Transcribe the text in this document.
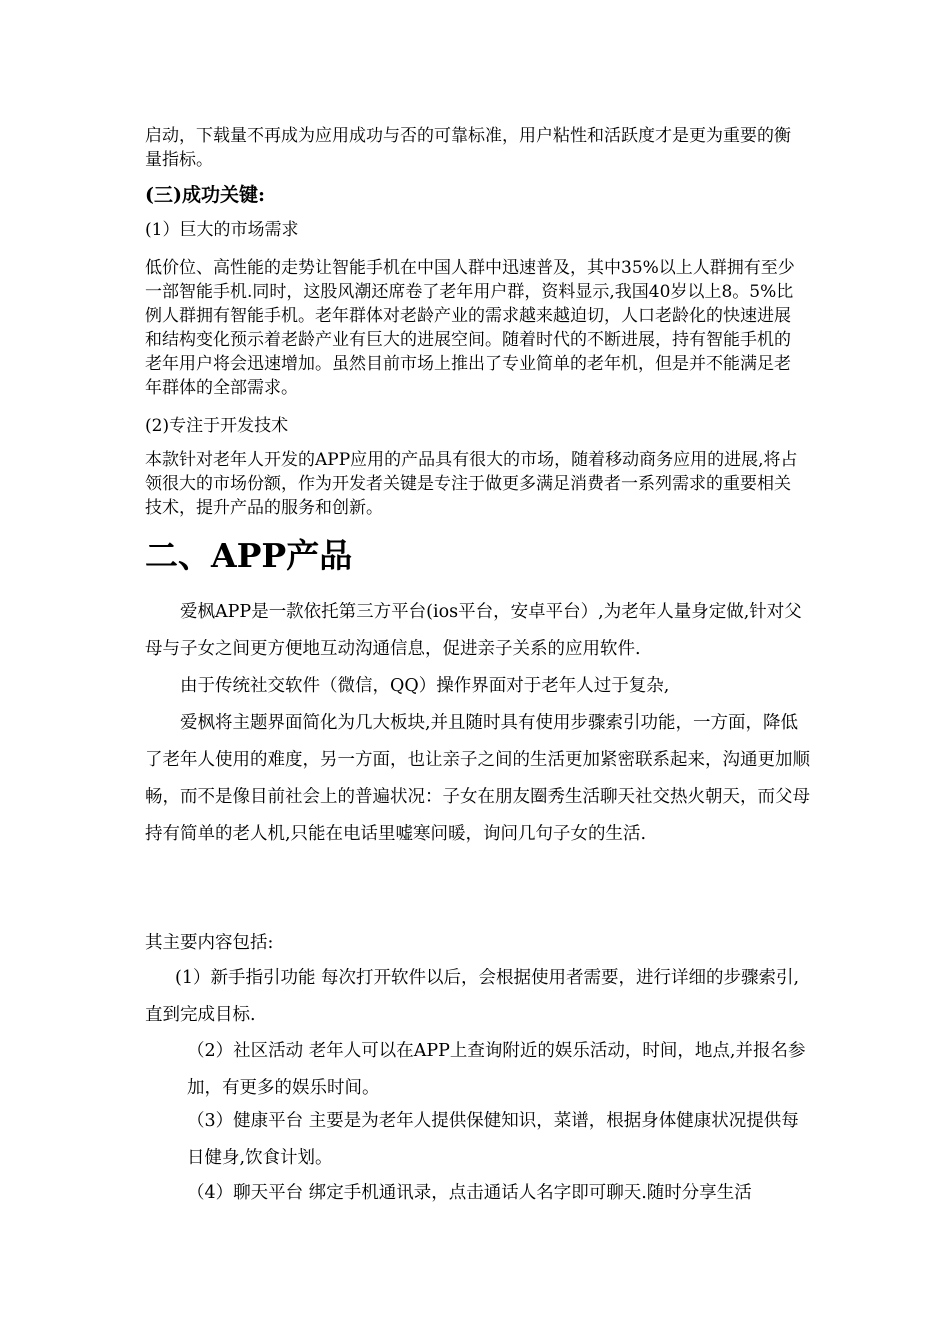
启动，下载量不再成为应用成功与否的可靠标准，用户粘性和活跃度才是更为重要的衡量指标。

(三)成功关键:

(1）巨大的市场需求

低价位、高性能的走势让智能手机在中国人群中迅速普及，其中35%以上人群拥有至少一部智能手机.同时，这股风潮还席卷了老年用户群，资料显示,我国40岁以上8。5%比例人群拥有智能手机。老年群体对老龄产业的需求越来越迫切，人口老龄化的快速进展和结构变化预示着老龄产业有巨大的进展空间。随着时代的不断进展，持有智能手机的老年用户将会迅速增加。虽然目前市场上推出了专业简单的老年机，但是并不能满足老年群体的全部需求。

(2)专注于开发技术

本款针对老年人开发的APP应用的产品具有很大的市场，随着移动商务应用的进展,将占领很大的市场份额，作为开发者关键是专注于做更多满足消费者一系列需求的重要相关技术，提升产品的服务和创新。

二、APP产品

爱枫APP是一款依托第三方平台(ios平台，安卓平台）,为老年人量身定做,针对父母与子女之间更方便地互动沟通信息，促进亲子关系的应用软件.

由于传统社交软件（微信，QQ）操作界面对于老年人过于复杂,

爱枫将主题界面简化为几大板块,并且随时具有使用步骤索引功能，一方面，降低了老年人使用的难度，另一方面，也让亲子之间的生活更加紧密联系起来，沟通更加顺畅，而不是像目前社会上的普遍状况：子女在朋友圈秀生活聊天社交热火朝天，而父母持有简单的老人机,只能在电话里嘘寒问暖，询问几句子女的生活.

其主要内容包括:

(1）新手指引功能 每次打开软件以后，会根据使用者需要，进行详细的步骤索引,直到完成目标.

（2）社区活动 老年人可以在APP上查询附近的娱乐活动，时间，地点,并报名参加，有更多的娱乐时间。

（3）健康平台 主要是为老年人提供保健知识，菜谱，根据身体健康状况提供每日健身,饮食计划。

（4）聊天平台 绑定手机通讯录，点击通话人名字即可聊天.随时分享生活
